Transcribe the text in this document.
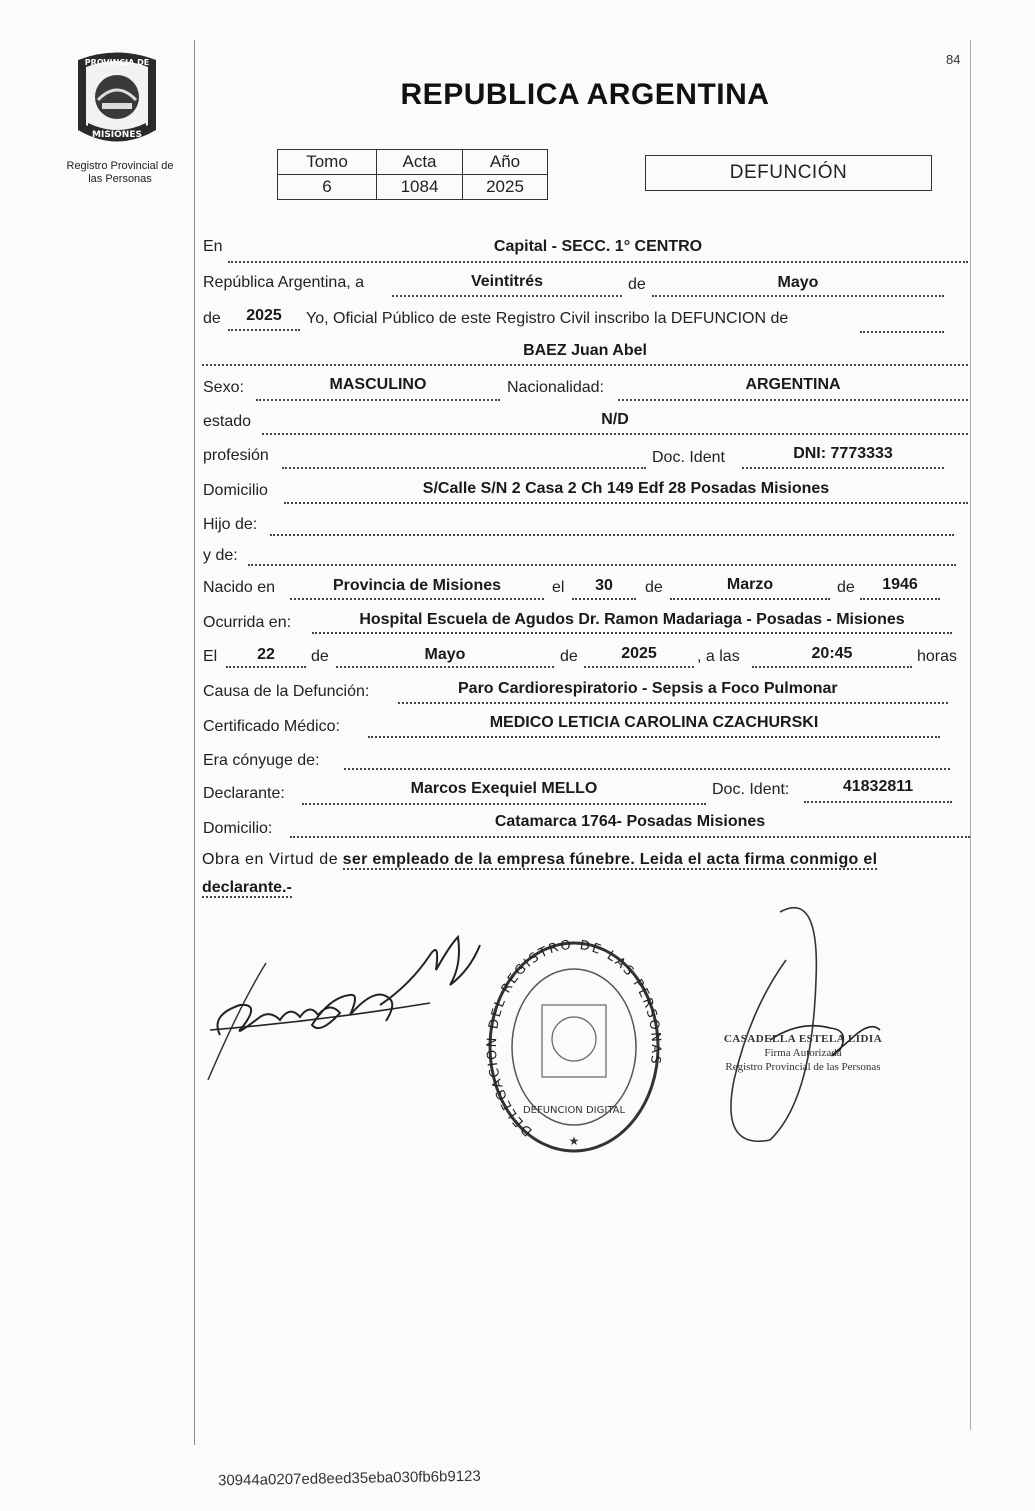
PROVINCIA DE
MISIONES
Registro Provincial de
las Personas
84
REPUBLICA ARGENTINA
Tomo	Acta	Año
6	1084	2025
DEFUNCIÓN
En	Capital - SECC. 1° CENTRO
República Argentina, a	Veintitrés	de	Mayo
de	2025	Yo, Oficial Público de este Registro Civil inscribo la DEFUNCION de
BAEZ Juan Abel
Sexo:	MASCULINO	Nacionalidad:	ARGENTINA
estado	N/D
profesión	Doc. Ident	DNI: 7773333
Domicilio	S/Calle S/N 2 Casa 2 Ch 149 Edf 28 Posadas Misiones
Hijo de:
y de:
Nacido en	Provincia de Misiones	el	30	de	Marzo	de	1946
Ocurrida en:	Hospital Escuela de Agudos Dr. Ramon Madariaga - Posadas - Misiones
El	22	de	Mayo	de	2025	, a las	20:45	horas
Causa de la Defunción:	Paro Cardiorespiratorio - Sepsis a Foco Pulmonar
Certificado Médico:	MEDICO LETICIA CAROLINA CZACHURSKI
Era cónyuge de:
Declarante:	Marcos Exequiel MELLO	Doc. Ident:	41832811
Domicilio:	Catamarca 1764- Posadas Misiones
Obra en Virtud de ser empleado de la empresa fúnebre. Leida el acta firma conmigo el
declarante.-
DELEGACION DEL REGISTRO DE LAS PERSONAS
DEFUNCION DIGITAL
★
CASADELLA ESTELA LIDIA
Firma Autorizada
Registro Provincial de las Personas
30944a0207ed8eed35eba030fb6b9123
